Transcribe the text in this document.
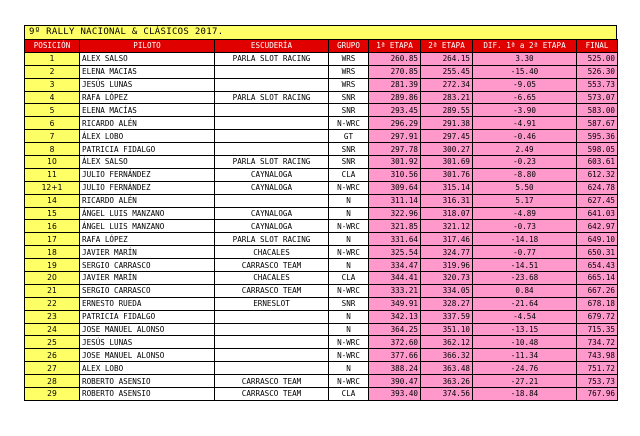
9º RALLY NACIONAL & CLÁSICOS 2017.
POSICIÓN	PILOTO	ESCUDERÍA	GRUPO	1ª ETAPA	2ª ETAPA	DIF. 1ª a 2ª ETAPA	FINAL
1	ALEX SALSO	PARLA SLOT RACING	WRS	260.85	264.15	3.30	525.00
2	ELENA MACIAS		WRS	270.85	255.45	-15.40	526.30
3	JESÚS LUNAS		WRS	281.39	272.34	-9.05	553.73
4	RAFA LÓPEZ	PARLA SLOT RACING	SNR	289.86	283.21	-6.65	573.07
5	ELENA MACÍAS		SNR	293.45	289.55	-3.90	583.00
6	RICARDO ALÉN		N-WRC	296.29	291.38	-4.91	587.67
7	ÁLEX LOBO		GT	297.91	297.45	-0.46	595.36
8	PATRICIA FIDALGO		SNR	297.78	300.27	2.49	598.05
10	ÁLEX SALSO	PARLA SLOT RACING	SNR	301.92	301.69	-0.23	603.61
11	JULIO FERNÁNDEZ	CAYNALOGA	CLA	310.56	301.76	-8.80	612.32
12+1	JULIO FERNÁNDEZ	CAYNALOGA	N-WRC	309.64	315.14	5.50	624.78
14	RICARDO ALÉN		N	311.14	316.31	5.17	627.45
15	ÁNGEL LUIS MANZANO	CAYNALOGA	N	322.96	318.07	-4.89	641.03
16	ÁNGEL LUIS MANZANO	CAYNALOGA	N-WRC	321.85	321.12	-0.73	642.97
17	RAFA LÓPEZ	PARLA SLOT RACING	N	331.64	317.46	-14.18	649.10
18	JAVIER MARÍN	CHACALES	N-WRC	325.54	324.77	-0.77	650.31
19	SERGIO CARRASCO	CARRASCO TEAM	N	334.47	319.96	-14.51	654.43
20	JAVIER MARÍN	CHACALES	CLA	344.41	320.73	-23.68	665.14
21	SERGIO CARRASCO	CARRASCO TEAM	N-WRC	333.21	334.05	0.84	667.26
22	ERNESTO RUEDA	ERNESLOT	SNR	349.91	328.27	-21.64	678.18
23	PATRICIA FIDALGO		N	342.13	337.59	-4.54	679.72
24	JOSE MANUEL ALONSO		N	364.25	351.10	-13.15	715.35
25	JESÚS LUNAS		N-WRC	372.60	362.12	-10.48	734.72
26	JOSE MANUEL ALONSO		N-WRC	377.66	366.32	-11.34	743.98
27	ALEX LOBO		N	388.24	363.48	-24.76	751.72
28	ROBERTO ASENSIO	CARRASCO TEAM	N-WRC	390.47	363.26	-27.21	753.73
29	ROBERTO ASENSIO	CARRASCO TEAM	CLA	393.40	374.56	-18.84	767.96
